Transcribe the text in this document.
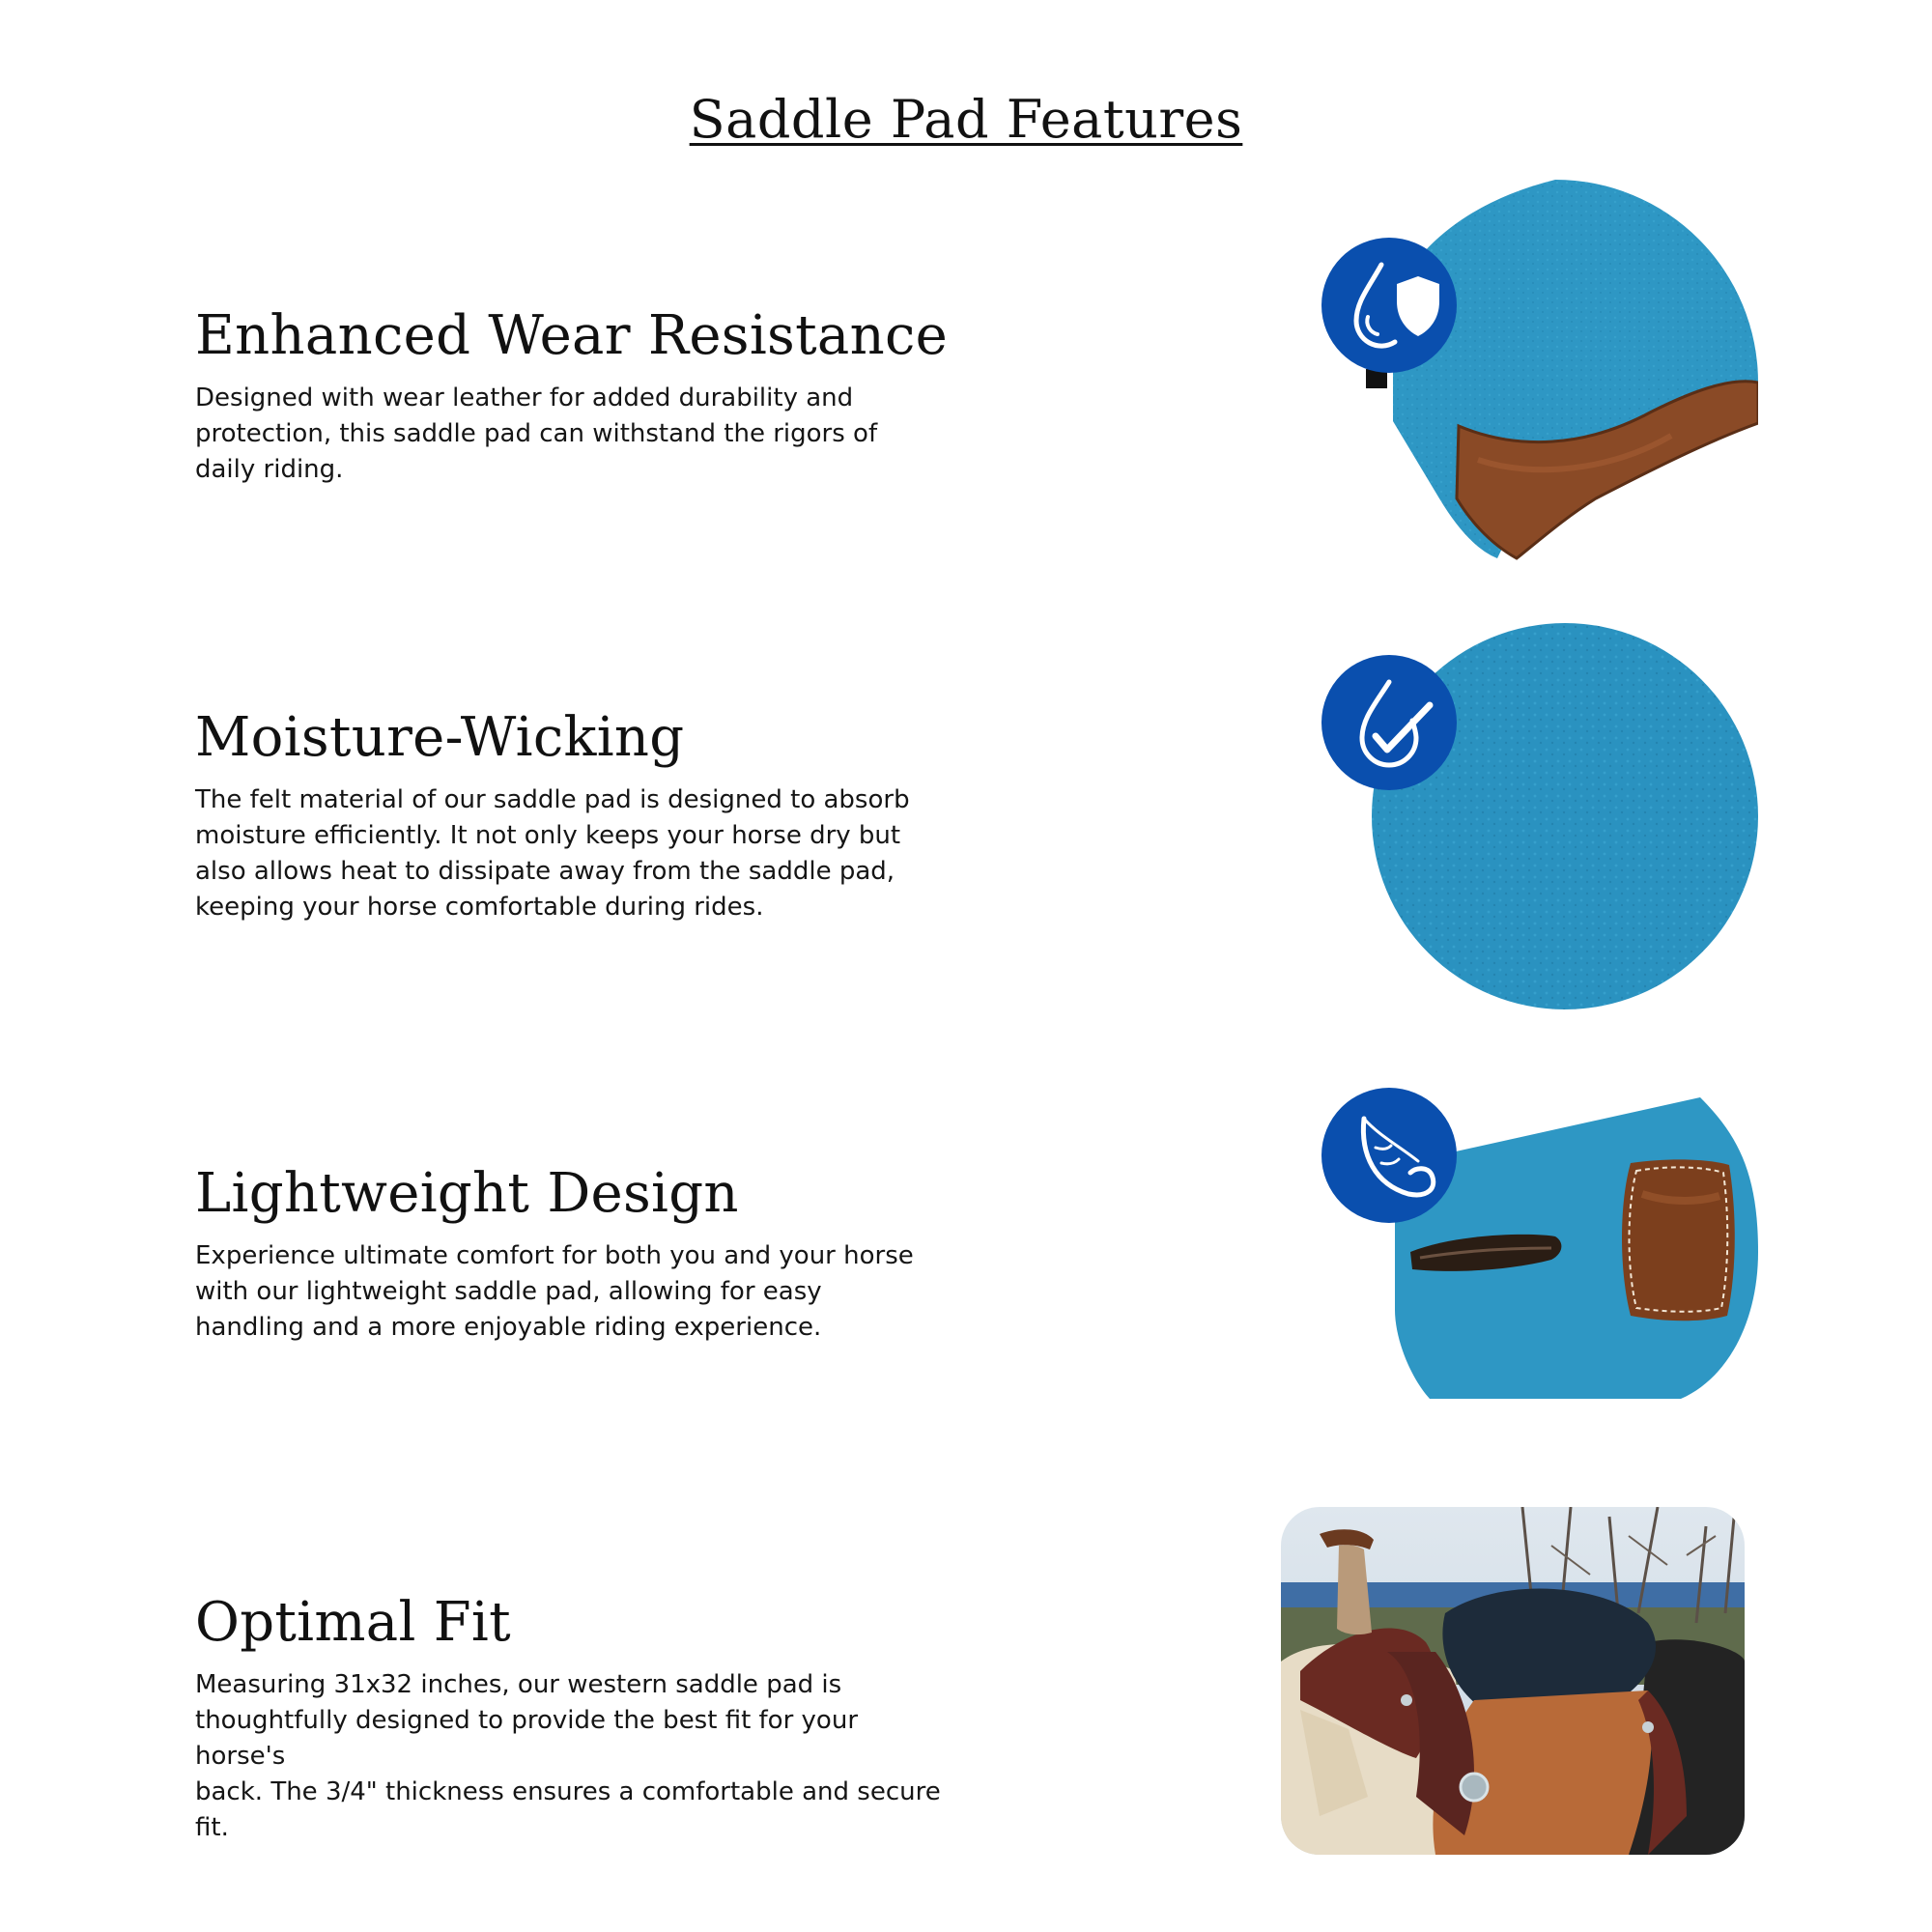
Saddle Pad Features
Enhanced Wear Resistance

Designed with wear leather for added durability and
protection, this saddle pad can withstand the rigors of
daily riding.

Moisture-Wicking

The felt material of our saddle pad is designed to absorb
moisture efficiently. It not only keeps your horse dry but
also allows heat to dissipate away from the saddle pad,
keeping your horse comfortable during rides.

Lightweight Design

Experience ultimate comfort for both you and your horse
with our lightweight saddle pad, allowing for easy
handling and a more enjoyable riding experience.

Optimal Fit

Measuring 31x32 inches, our western saddle pad is
thoughtfully designed to provide the best fit for your horse's
back. The 3/4" thickness ensures a comfortable and secure fit.
